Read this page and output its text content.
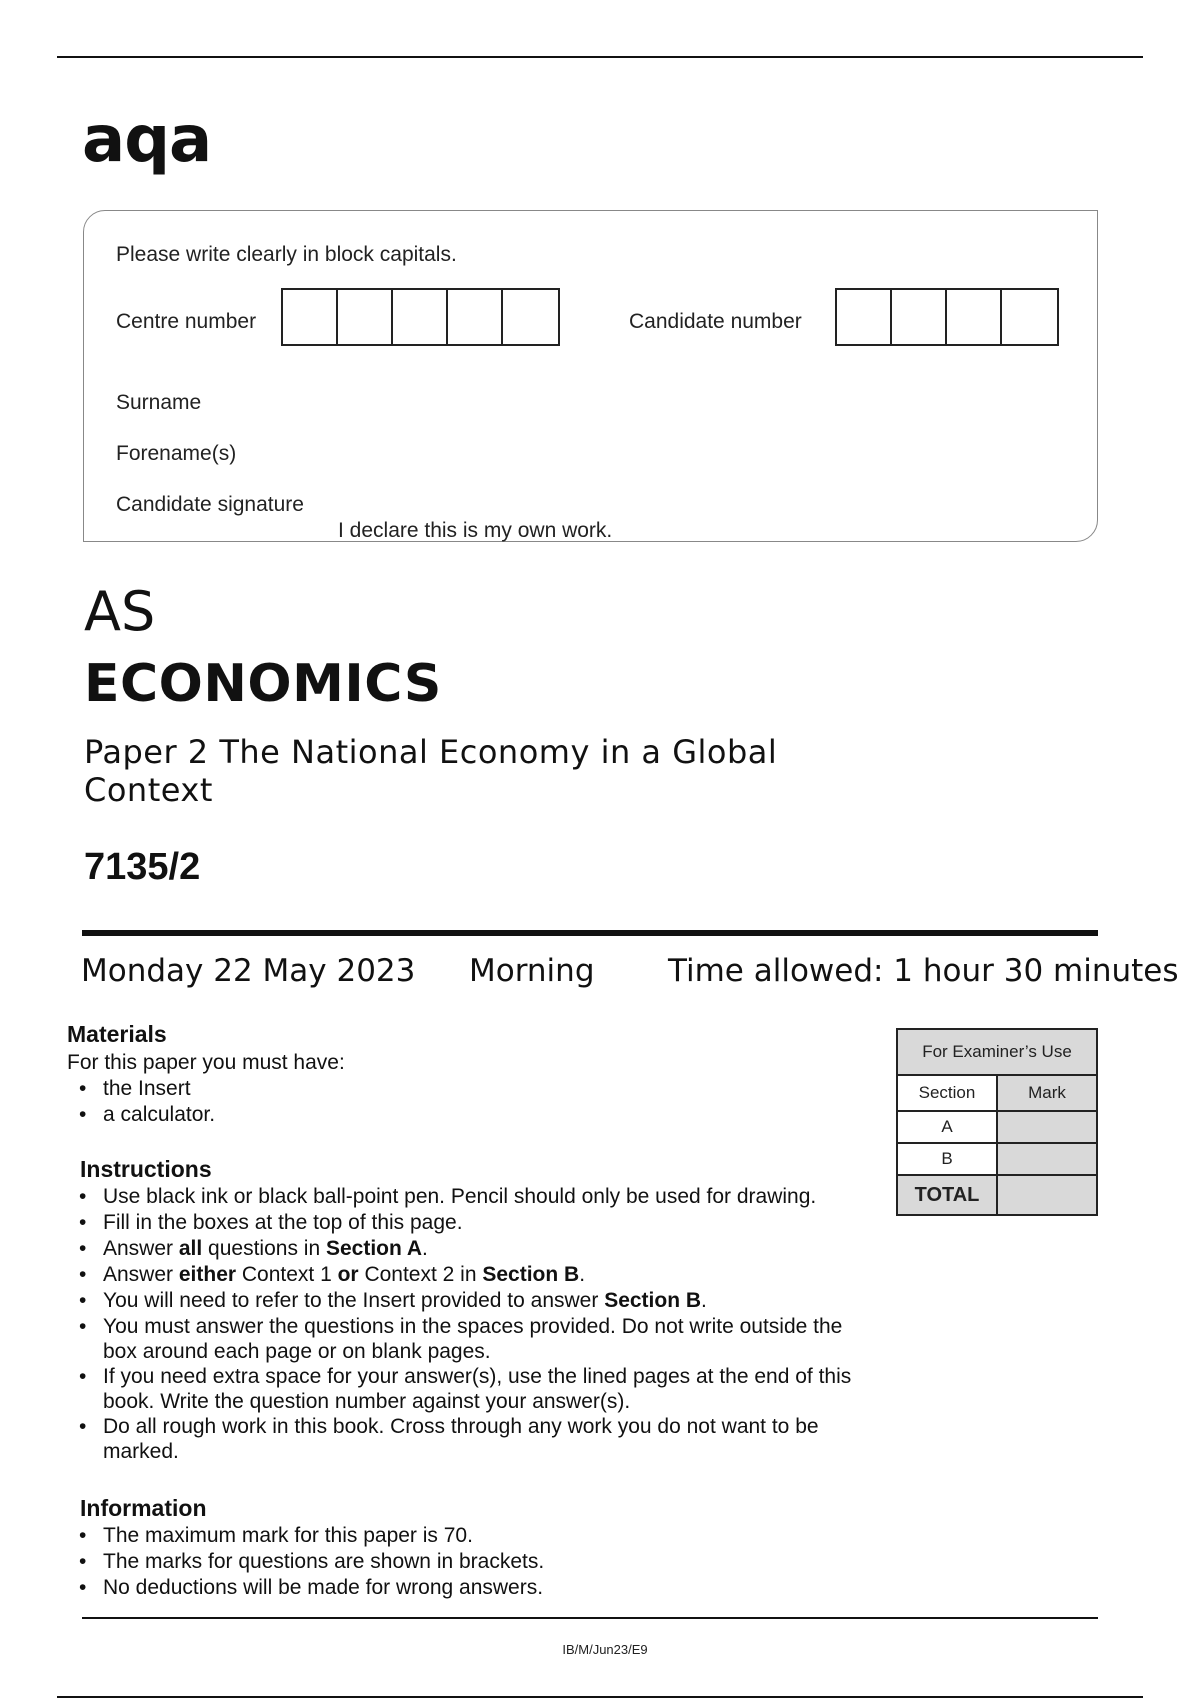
aqa
Please write clearly in block capitals.
Centre number	Candidate number
Surname
Forename(s)
Candidate signature
I declare this is my own work.
AS
ECONOMICS
Paper 2 The National Economy in a Global Context
7135/2
Monday 22 May 2023 Morning Time allowed: 1 hour 30 minutes
Materials
For this paper you must have:
• the Insert
• a calculator.
Instructions
• Use black ink or black ball-point pen. Pencil should only be used for drawing.
• Fill in the boxes at the top of this page.
• Answer all questions in Section A.
• Answer either Context 1 or Context 2 in Section B.
• You will need to refer to the Insert provided to answer Section B.
• You must answer the questions in the spaces provided. Do not write outside the box around each page or on blank pages.
• If you need extra space for your answer(s), use the lined pages at the end of this book. Write the question number against your answer(s).
• Do all rough work in this book. Cross through any work you do not want to be marked.
Information
• The maximum mark for this paper is 70.
• The marks for questions are shown in brackets.
• No deductions will be made for wrong answers.
For Examiner’s Use	
Section	Mark
A	
B	
TOTAL	
IB/M/Jun23/E9
